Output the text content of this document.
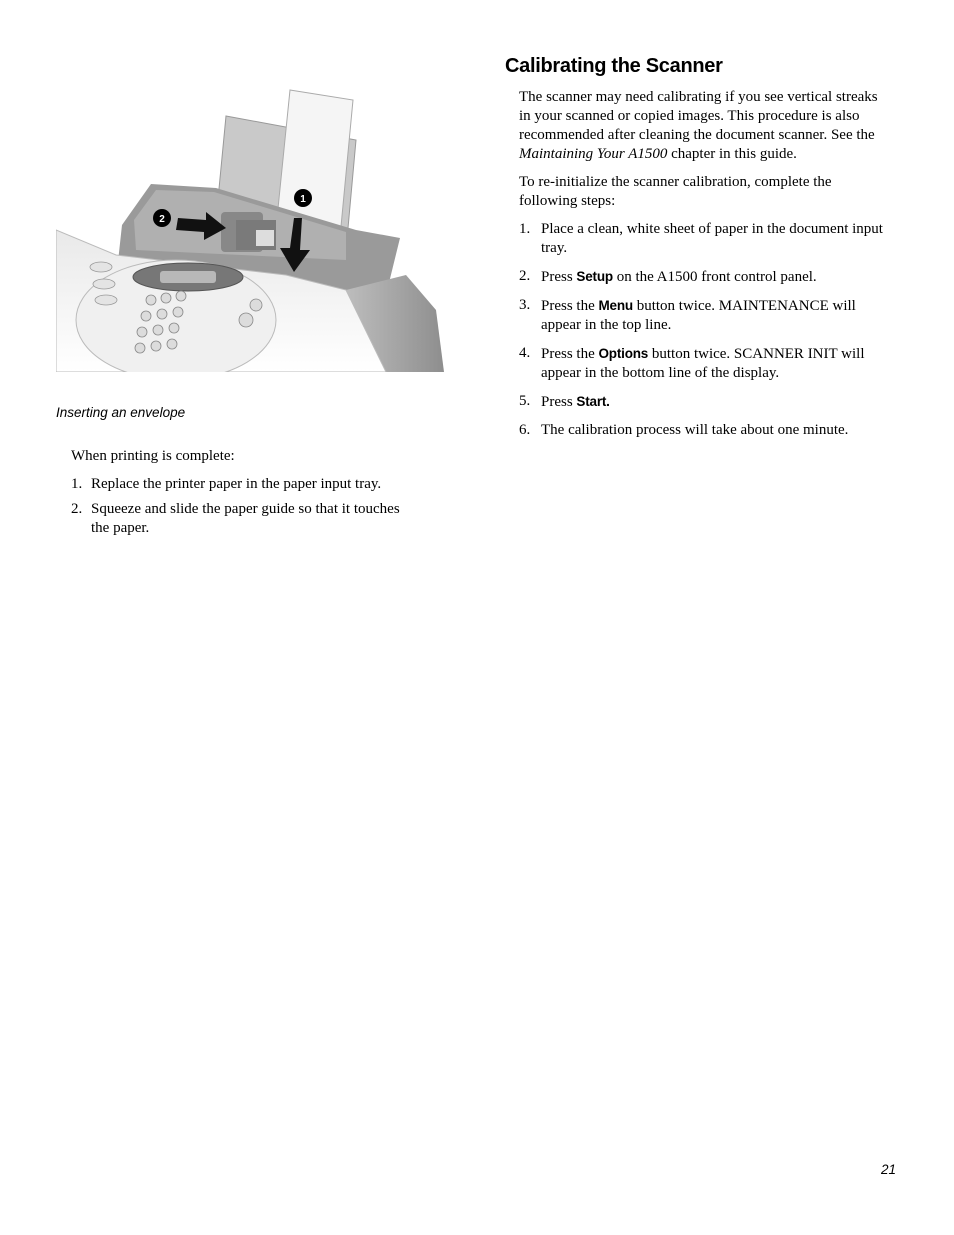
1
2
Inserting an envelope

When printing is complete:

1. Replace the printer paper in the paper input tray.
2. Squeeze and slide the paper guide so that it touches the paper.
Calibrating the Scanner

The scanner may need calibrating if you see vertical streaks in your scanned or copied images. This procedure is also recommended after cleaning the document scanner. See the Maintaining Your A1500 chapter in this guide.

To re-initialize the scanner calibration, complete the following steps:

1. Place a clean, white sheet of paper in the document input tray.
2. Press Setup on the A1500 front control panel.
3. Press the Menu button twice. MAINTENANCE will appear in the top line.
4. Press the Options button twice. SCANNER INIT will appear in the bottom line of the display.
5. Press Start.
6. The calibration process will take about one minute.
21
